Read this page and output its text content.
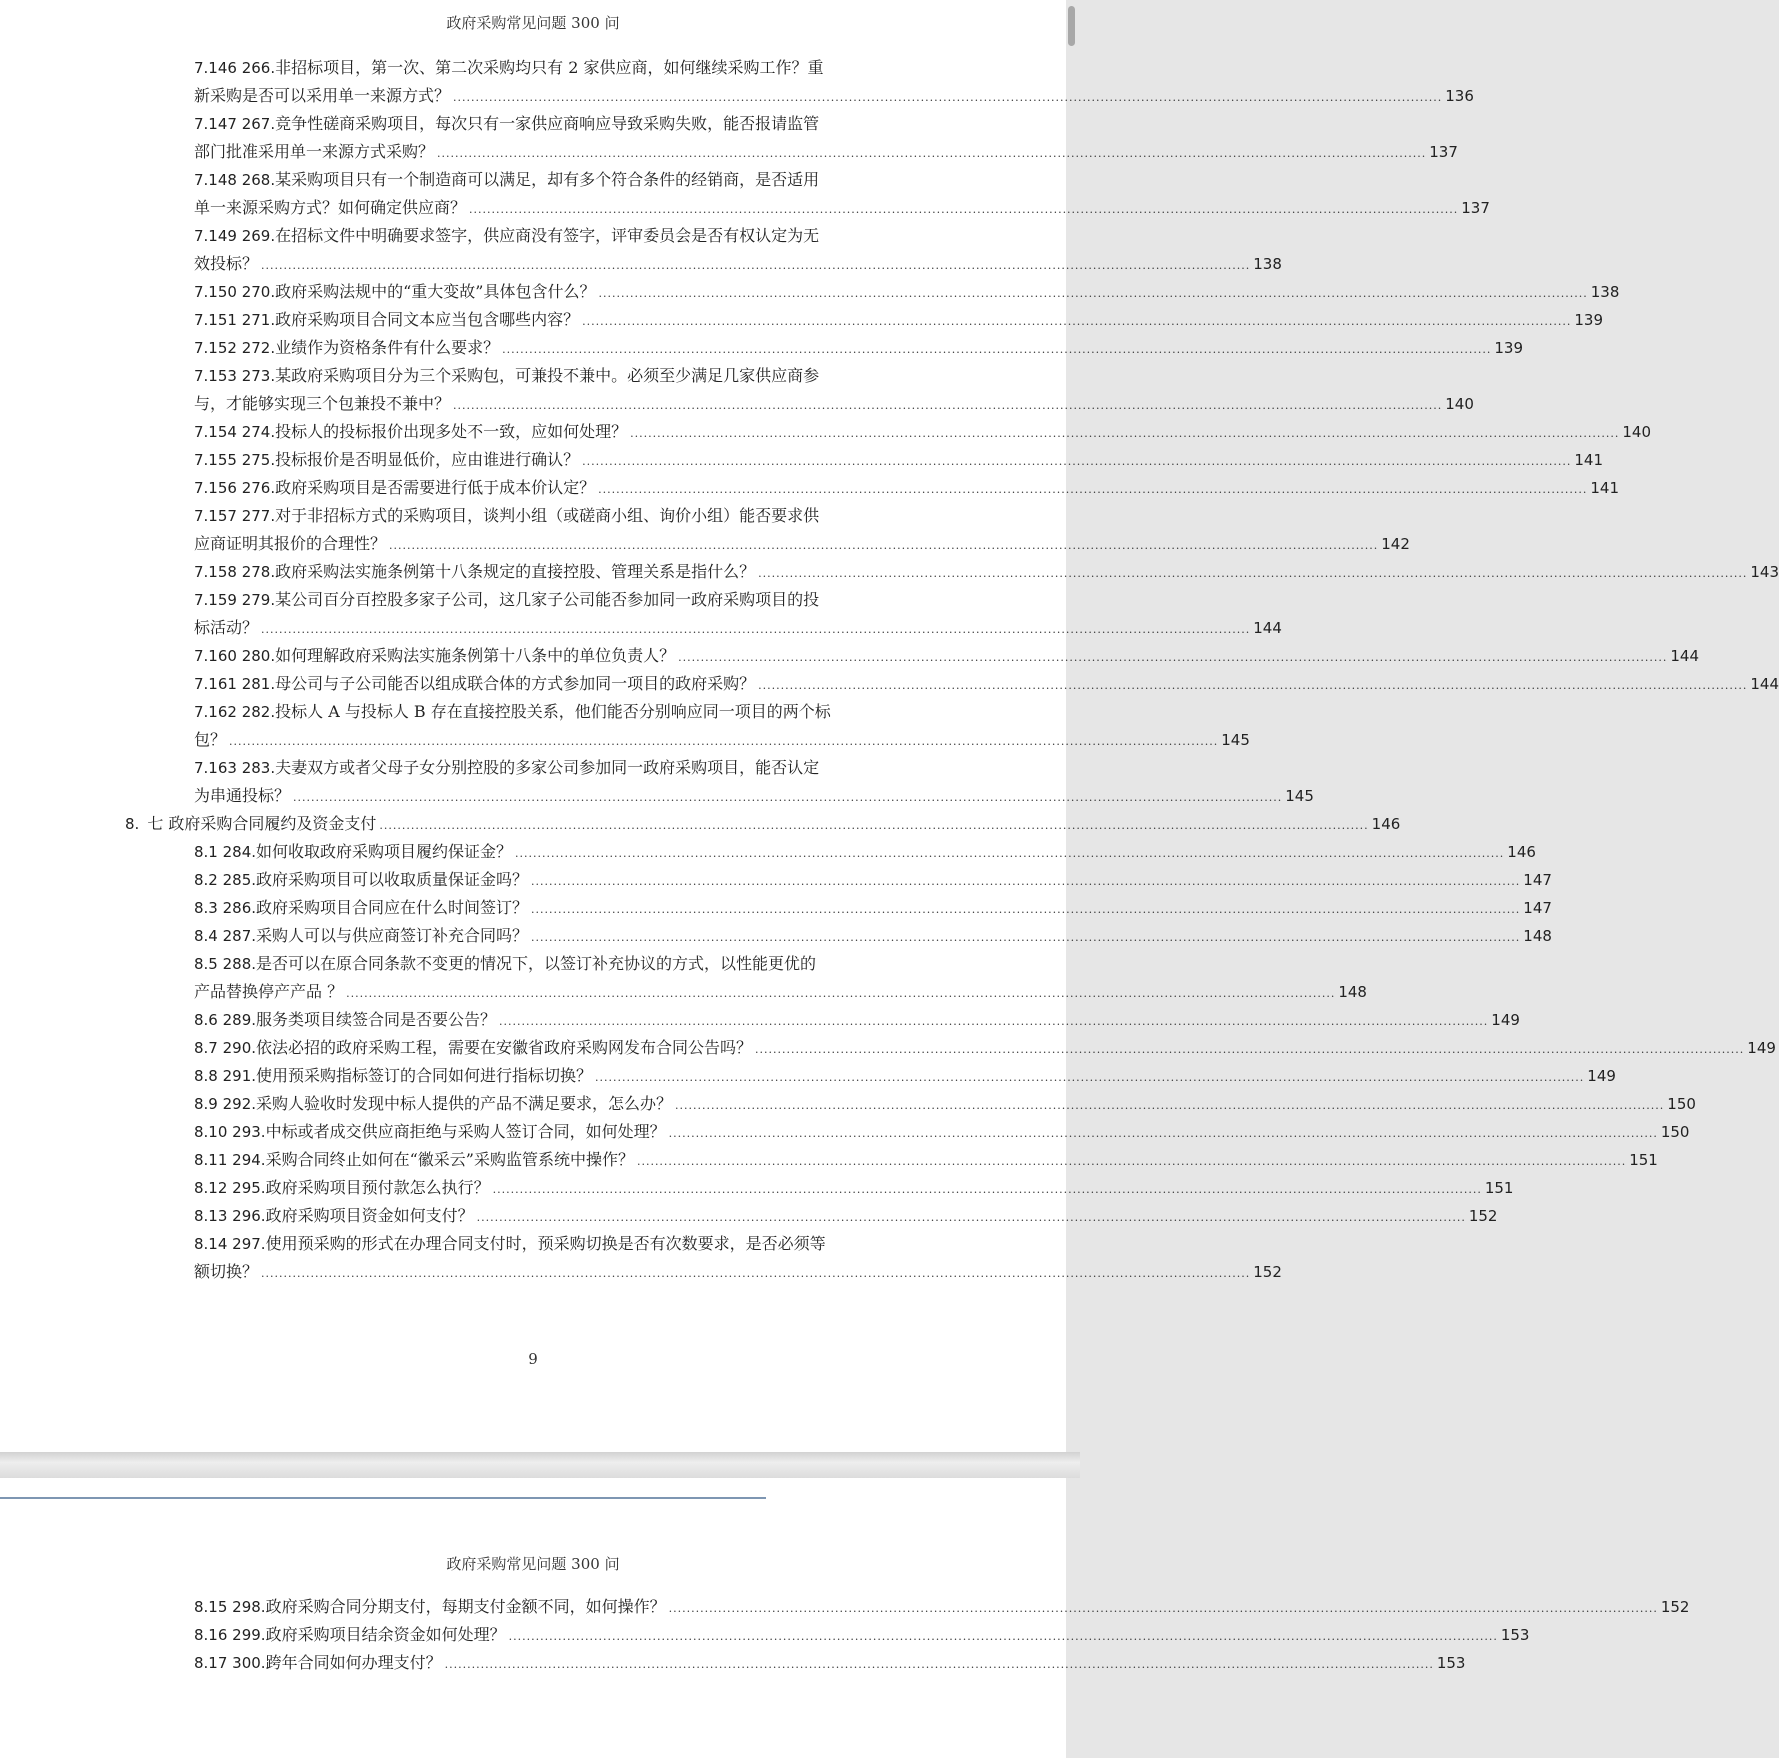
政府采购常见问题 300 问
7.146 266.非招标项目，第一次、第二次采购均只有 2 家供应商，如何继续采购工作？重
新采购是否可以采用单一来源方式？ ............................................................................................................................................................................................................................ 136
7.147 267.竞争性磋商采购项目，每次只有一家供应商响应导致采购失败，能否报请监管
部门批准采用单一来源方式采购？ ............................................................................................................................................................................................................................ 137
7.148 268.某采购项目只有一个制造商可以满足，却有多个符合条件的经销商，是否适用
单一来源采购方式？如何确定供应商？ ............................................................................................................................................................................................................................ 137
7.149 269.在招标文件中明确要求签字，供应商没有签字，评审委员会是否有权认定为无
效投标？ ............................................................................................................................................................................................................................ 138
7.150 270.政府采购法规中的“重大变故”具体包含什么？ ............................................................................................................................................................................................................................ 138
7.151 271.政府采购项目合同文本应当包含哪些内容？ ............................................................................................................................................................................................................................ 139
7.152 272.业绩作为资格条件有什么要求？ ............................................................................................................................................................................................................................ 139
7.153 273.某政府采购项目分为三个采购包，可兼投不兼中。必须至少满足几家供应商参
与，才能够实现三个包兼投不兼中？ ............................................................................................................................................................................................................................ 140
7.154 274.投标人的投标报价出现多处不一致，应如何处理？ ............................................................................................................................................................................................................................ 140
7.155 275.投标报价是否明显低价，应由谁进行确认？ ............................................................................................................................................................................................................................ 141
7.156 276.政府采购项目是否需要进行低于成本价认定？ ............................................................................................................................................................................................................................ 141
7.157 277.对于非招标方式的采购项目，谈判小组（或磋商小组、询价小组）能否要求供
应商证明其报价的合理性？ ............................................................................................................................................................................................................................ 142
7.158 278.政府采购法实施条例第十八条规定的直接控股、管理关系是指什么？ ............................................................................................................................................................................................................................ 143
7.159 279.某公司百分百控股多家子公司，这几家子公司能否参加同一政府采购项目的投
标活动？ ............................................................................................................................................................................................................................ 144
7.160 280.如何理解政府采购法实施条例第十八条中的单位负责人？ ............................................................................................................................................................................................................................ 144
7.161 281.母公司与子公司能否以组成联合体的方式参加同一项目的政府采购？ ............................................................................................................................................................................................................................ 144
7.162 282.投标人 A 与投标人 B 存在直接控股关系，他们能否分别响应同一项目的两个标
包？ ............................................................................................................................................................................................................................ 145
7.163 283.夫妻双方或者父母子女分别控股的多家公司参加同一政府采购项目，能否认定
为串通投标？ ............................................................................................................................................................................................................................ 145
8. 七 政府采购合同履约及资金支付 ............................................................................................................................................................................................................................ 146
8.1 284.如何收取政府采购项目履约保证金？ ............................................................................................................................................................................................................................ 146
8.2 285.政府采购项目可以收取质量保证金吗？ ............................................................................................................................................................................................................................ 147
8.3 286.政府采购项目合同应在什么时间签订？ ............................................................................................................................................................................................................................ 147
8.4 287.采购人可以与供应商签订补充合同吗？ ............................................................................................................................................................................................................................ 148
8.5 288.是否可以在原合同条款不变更的情况下，以签订补充协议的方式，以性能更优的
产品替换停产产品 ？ ............................................................................................................................................................................................................................ 148
8.6 289.服务类项目续签合同是否要公告？ ............................................................................................................................................................................................................................ 149
8.7 290.依法必招的政府采购工程，需要在安徽省政府采购网发布合同公告吗？ ............................................................................................................................................................................................................................ 149
8.8 291.使用预采购指标签订的合同如何进行指标切换？ ............................................................................................................................................................................................................................ 149
8.9 292.采购人验收时发现中标人提供的产品不满足要求，怎么办？ ............................................................................................................................................................................................................................ 150
8.10 293.中标或者成交供应商拒绝与采购人签订合同，如何处理？ ............................................................................................................................................................................................................................ 150
8.11 294.采购合同终止如何在“徽采云”采购监管系统中操作？ ............................................................................................................................................................................................................................ 151
8.12 295.政府采购项目预付款怎么执行？ ............................................................................................................................................................................................................................ 151
8.13 296.政府采购项目资金如何支付？ ............................................................................................................................................................................................................................ 152
8.14 297.使用预采购的形式在办理合同支付时，预采购切换是否有次数要求，是否必须等
额切换？ ............................................................................................................................................................................................................................ 152
9
政府采购常见问题 300 问
8.15 298.政府采购合同分期支付，每期支付金额不同，如何操作？ ............................................................................................................................................................................................................................ 152
8.16 299.政府采购项目结余资金如何处理？ ............................................................................................................................................................................................................................ 153
8.17 300.跨年合同如何办理支付？ ............................................................................................................................................................................................................................ 153
